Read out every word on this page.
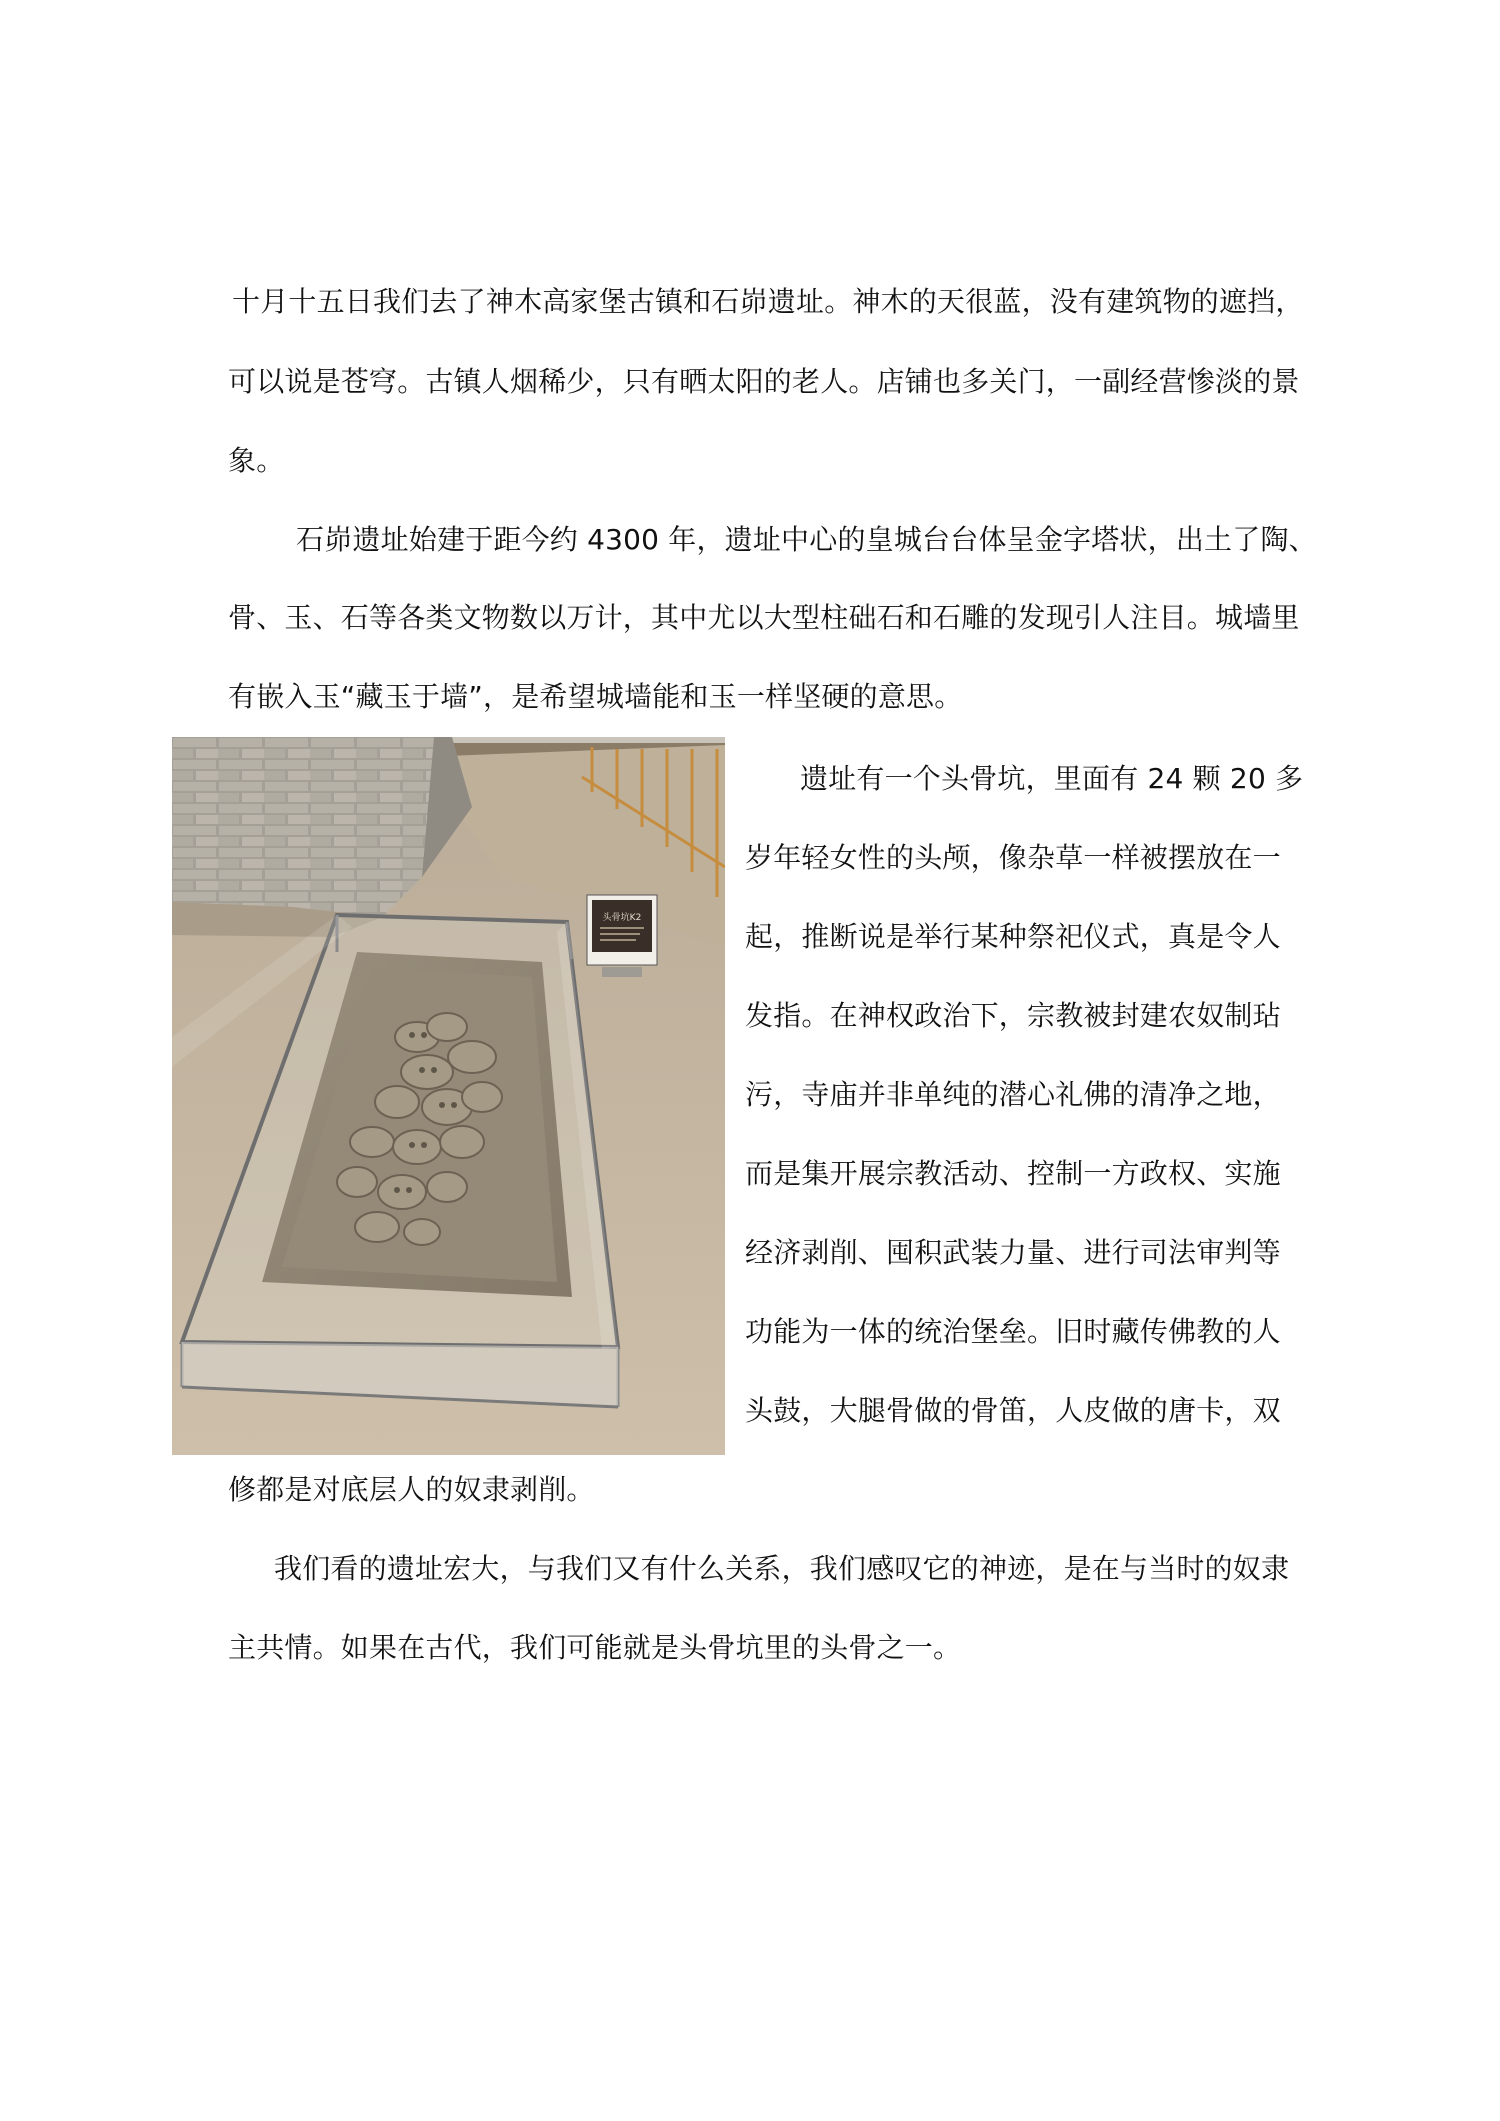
十月十五日我们去了神木高家堡古镇和石峁遗址。神木的天很蓝，没有建筑物的遮挡，
可以说是苍穹。古镇人烟稀少，只有晒太阳的老人。店铺也多关门，一副经营惨淡的景
象。
石峁遗址始建于距今约 4300 年，遗址中心的皇城台台体呈金字塔状，出土了陶、
骨、玉、石等各类文物数以万计，其中尤以大型柱础石和石雕的发现引人注目。城墙里
有嵌入玉“藏玉于墙”，是希望城墙能和玉一样坚硬的意思。
头骨坑K2
遗址有一个头骨坑，里面有 24 颗 20 多
岁年轻女性的头颅，像杂草一样被摆放在一
起，推断说是举行某种祭祀仪式，真是令人
发指。在神权政治下，宗教被封建农奴制玷
污，寺庙并非单纯的潜心礼佛的清净之地，
而是集开展宗教活动、控制一方政权、实施
经济剥削、囤积武装力量、进行司法审判等
功能为一体的统治堡垒。旧时藏传佛教的人
头鼓，大腿骨做的骨笛，人皮做的唐卡，双
修都是对底层人的奴隶剥削。
我们看的遗址宏大，与我们又有什么关系，我们感叹它的神迹，是在与当时的奴隶
主共情。如果在古代，我们可能就是头骨坑里的头骨之一。
